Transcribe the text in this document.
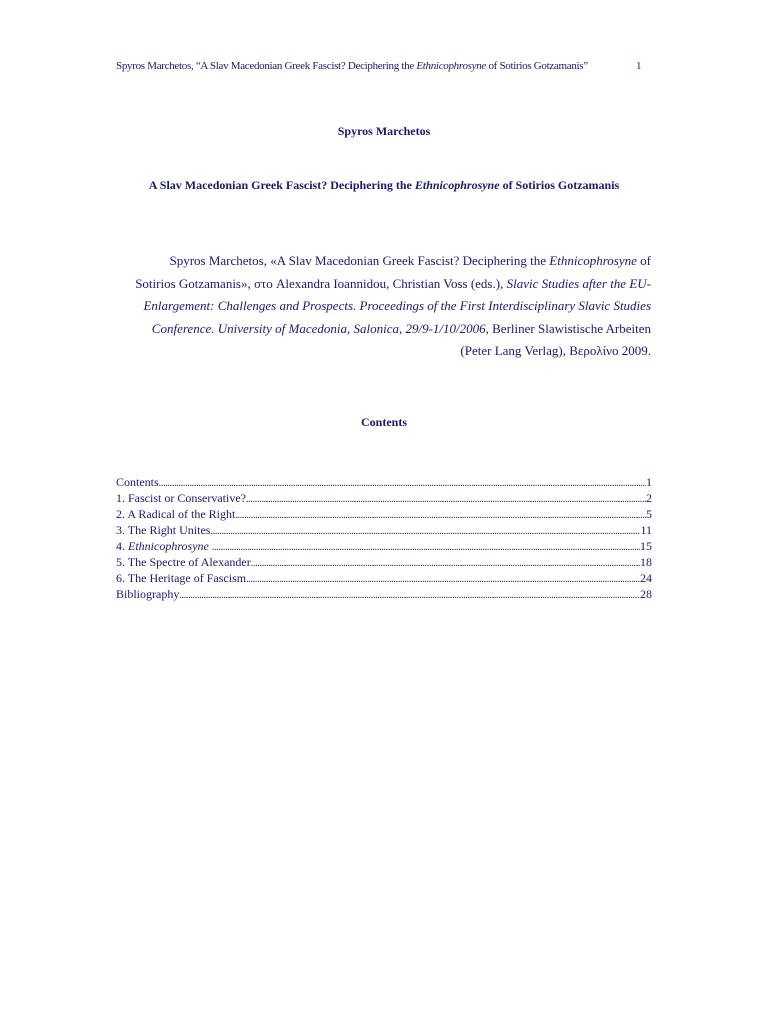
Spyros Marchetos, “A Slav Macedonian Greek Fascist? Deciphering the Ethnicophrosyne of Sotirios Gotzamanis”	1
Spyros Marchetos
A Slav Macedonian Greek Fascist? Deciphering the Ethnicophrosyne of Sotirios Gotzamanis
Spyros Marchetos, «A Slav Macedonian Greek Fascist? Deciphering the Ethnicophrosyne of
Sotirios Gotzamanis», στο Alexandra Ioannidou, Christian Voss (eds.), Slavic Studies after the EU-
Enlargement: Challenges and Prospects. Proceedings of the First Interdisciplinary Slavic Studies
Conference. University of Macedonia, Salonica, 29/9-1/10/2006, Berliner Slawistische Arbeiten
(Peter Lang Verlag), Βερολίνο 2009.
Contents
Contents .....	1
1. Fascist or Conservative? .....	2
2. A Radical of the Right .....	5
3. The Right Unites .....	11
4. Ethnicophrosyne .....	15
5. The Spectre of Alexander .....	18
6. The Heritage of Fascism .....	24
Bibliography .....	28
